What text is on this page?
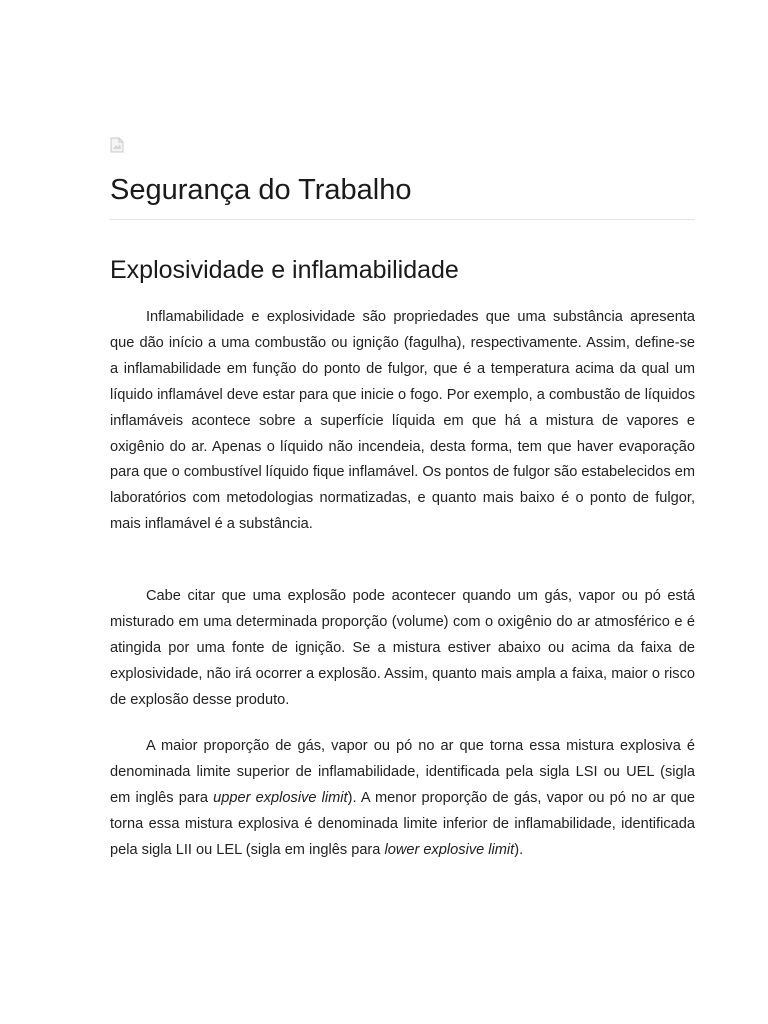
Segurança do Trabalho
Explosividade e inflamabilidade

Inflamabilidade e explosividade são propriedades que uma substância apresenta que dão início a uma combustão ou ignição (fagulha), respectivamente. Assim, define-se a inflamabilidade em função do ponto de fulgor, que é a temperatura acima da qual um líquido inflamável deve estar para que inicie o fogo. Por exemplo, a combustão de líquidos inflamáveis acontece sobre a superfície líquida em que há a mistura de vapores e oxigênio do ar. Apenas o líquido não incendeia, desta forma, tem que haver evaporação para que o combustível líquido fique inflamável. Os pontos de fulgor são estabelecidos em laboratórios com metodologias normatizadas, e quanto mais baixo é o ponto de fulgor, mais inflamável é a substância.

Cabe citar que uma explosão pode acontecer quando um gás, vapor ou pó está misturado em uma determinada proporção (volume) com o oxigênio do ar atmosférico e é atingida por uma fonte de ignição. Se a mistura estiver abaixo ou acima da faixa de explosividade, não irá ocorrer a explosão. Assim, quanto mais ampla a faixa, maior o risco de explosão desse produto.

A maior proporção de gás, vapor ou pó no ar que torna essa mistura explosiva é denominada limite superior de inflamabilidade, identificada pela sigla LSI ou UEL (sigla em inglês para upper explosive limit). A menor proporção de gás, vapor ou pó no ar que torna essa mistura explosiva é denominada limite inferior de inflamabilidade, identificada pela sigla LII ou LEL (sigla em inglês para lower explosive limit).
